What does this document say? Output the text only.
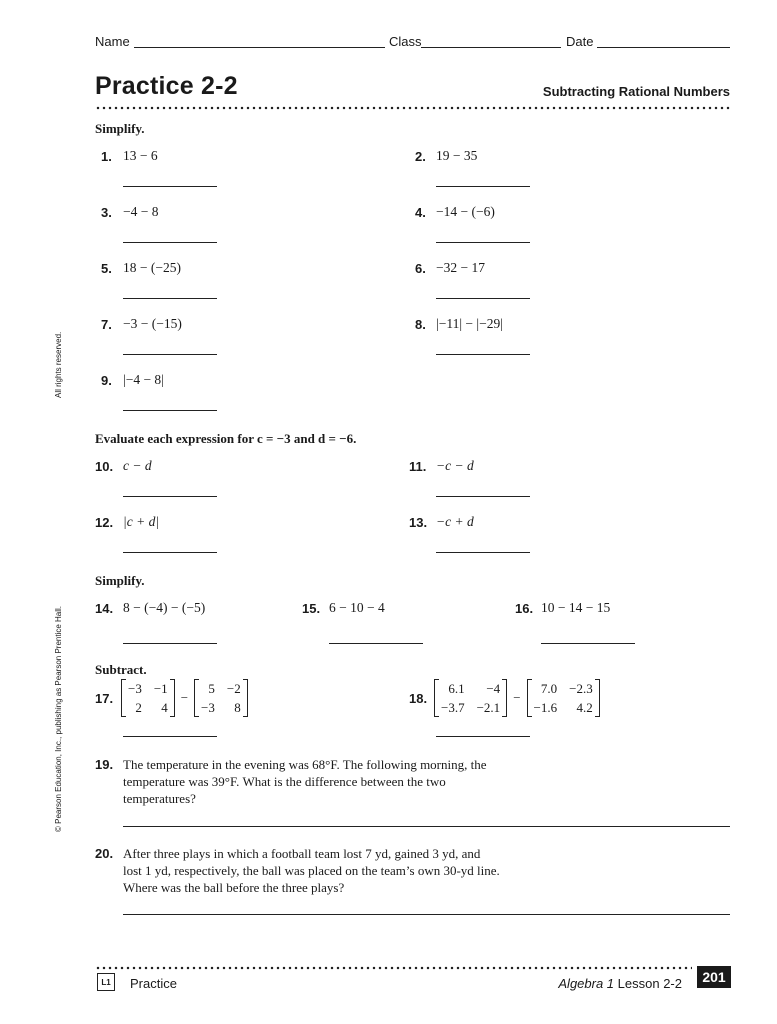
Name	Class	Date
Practice 2-2	Subtracting Rational Numbers
Simplify.
1. 13 − 6	2. 19 − 35
3. −4 − 8	4. −14 − (−6)
5. 18 − (−25)	6. −32 − 17
7. −3 − (−15)	8. |−11| − |−29|
9. |−4 − 8|
Evaluate each expression for c = −3 and d = −6.
10. c − d	11. −c − d
12. |c + d|	13. −c + d
Simplify.
14. 8 − (−4) − (−5)	15. 6 − 10 − 4	16. 10 − 14 − 15
Subtract.
17.
−3 −1
2	4
−
5 −2
−3	8
18.
6.1	−4
−3.7 −2.1
−
7.0 −2.3
−1.6	4.2
19. The temperature in the evening was 68°F. The following morning, the
temperature was 39°F. What is the difference between the two
temperatures?
20. After three plays in which a football team lost 7 yd, gained 3 yd, and
lost 1 yd, respectively, the ball was placed on the team’s own 30-yd line.
Where was the ball before the three plays?
All rights reserved.
© Pearson Education, Inc., publishing as Pearson Prentice Hall.
L1	Practice	Algebra 1 Lesson 2-2	201
